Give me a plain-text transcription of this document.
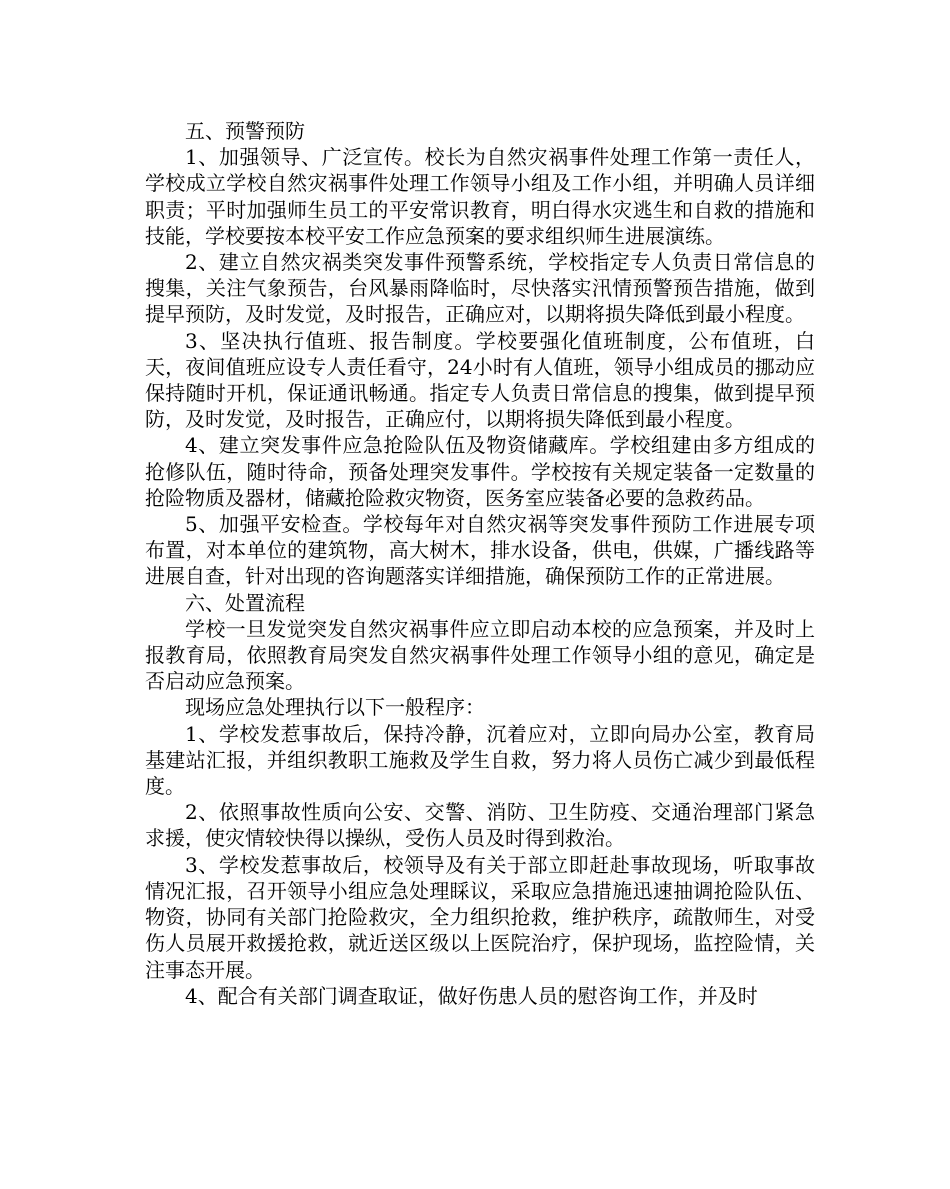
五、预警预防

1、加强领导、广泛宣传。校长为自然灾祸事件处理工作第一责任人，学校成立学校自然灾祸事件处理工作领导小组及工作小组，并明确人员详细职责；平时加强师生员工的平安常识教育，明白得水灾逃生和自救的措施和技能，学校要按本校平安工作应急预案的要求组织师生进展演练。

2、建立自然灾祸类突发事件预警系统，学校指定专人负责日常信息的搜集，关注气象预告，台风暴雨降临时，尽快落实汛情预警预告措施，做到提早预防，及时发觉，及时报告，正确应对，以期将损失降低到最小程度。

3、坚决执行值班、报告制度。学校要强化值班制度，公布值班，白天，夜间值班应设专人责任看守，24小时有人值班，领导小组成员的挪动应保持随时开机，保证通讯畅通。指定专人负责日常信息的搜集，做到提早预防，及时发觉，及时报告，正确应付，以期将损失降低到最小程度。

4、建立突发事件应急抢险队伍及物资储藏库。学校组建由多方组成的抢修队伍，随时待命，预备处理突发事件。学校按有关规定装备一定数量的抢险物质及器材，储藏抢险救灾物资，医务室应装备必要的急救药品。

5、加强平安检查。学校每年对自然灾祸等突发事件预防工作进展专项布置，对本单位的建筑物，高大树木，排水设备，供电，供媒，广播线路等进展自查，针对出现的咨询题落实详细措施，确保预防工作的正常进展。

六、处置流程

学校一旦发觉突发自然灾祸事件应立即启动本校的应急预案，并及时上报教育局，依照教育局突发自然灾祸事件处理工作领导小组的意见，确定是否启动应急预案。

现场应急处理执行以下一般程序：

1、学校发惹事故后，保持冷静，沉着应对，立即向局办公室，教育局基建站汇报，并组织教职工施救及学生自救，努力将人员伤亡减少到最低程度。

2、依照事故性质向公安、交警、消防、卫生防疫、交通治理部门紧急求援，使灾情较快得以操纵，受伤人员及时得到救治。

3、学校发惹事故后，校领导及有关于部立即赶赴事故现场，听取事故情况汇报，召开领导小组应急处理睬议，采取应急措施迅速抽调抢险队伍、物资，协同有关部门抢险救灾，全力组织抢救，维护秩序，疏散师生，对受伤人员展开救援抢救，就近送区级以上医院治疗，保护现场，监控险情，关注事态开展。

4、配合有关部门调查取证，做好伤患人员的慰咨询工作，并及时
